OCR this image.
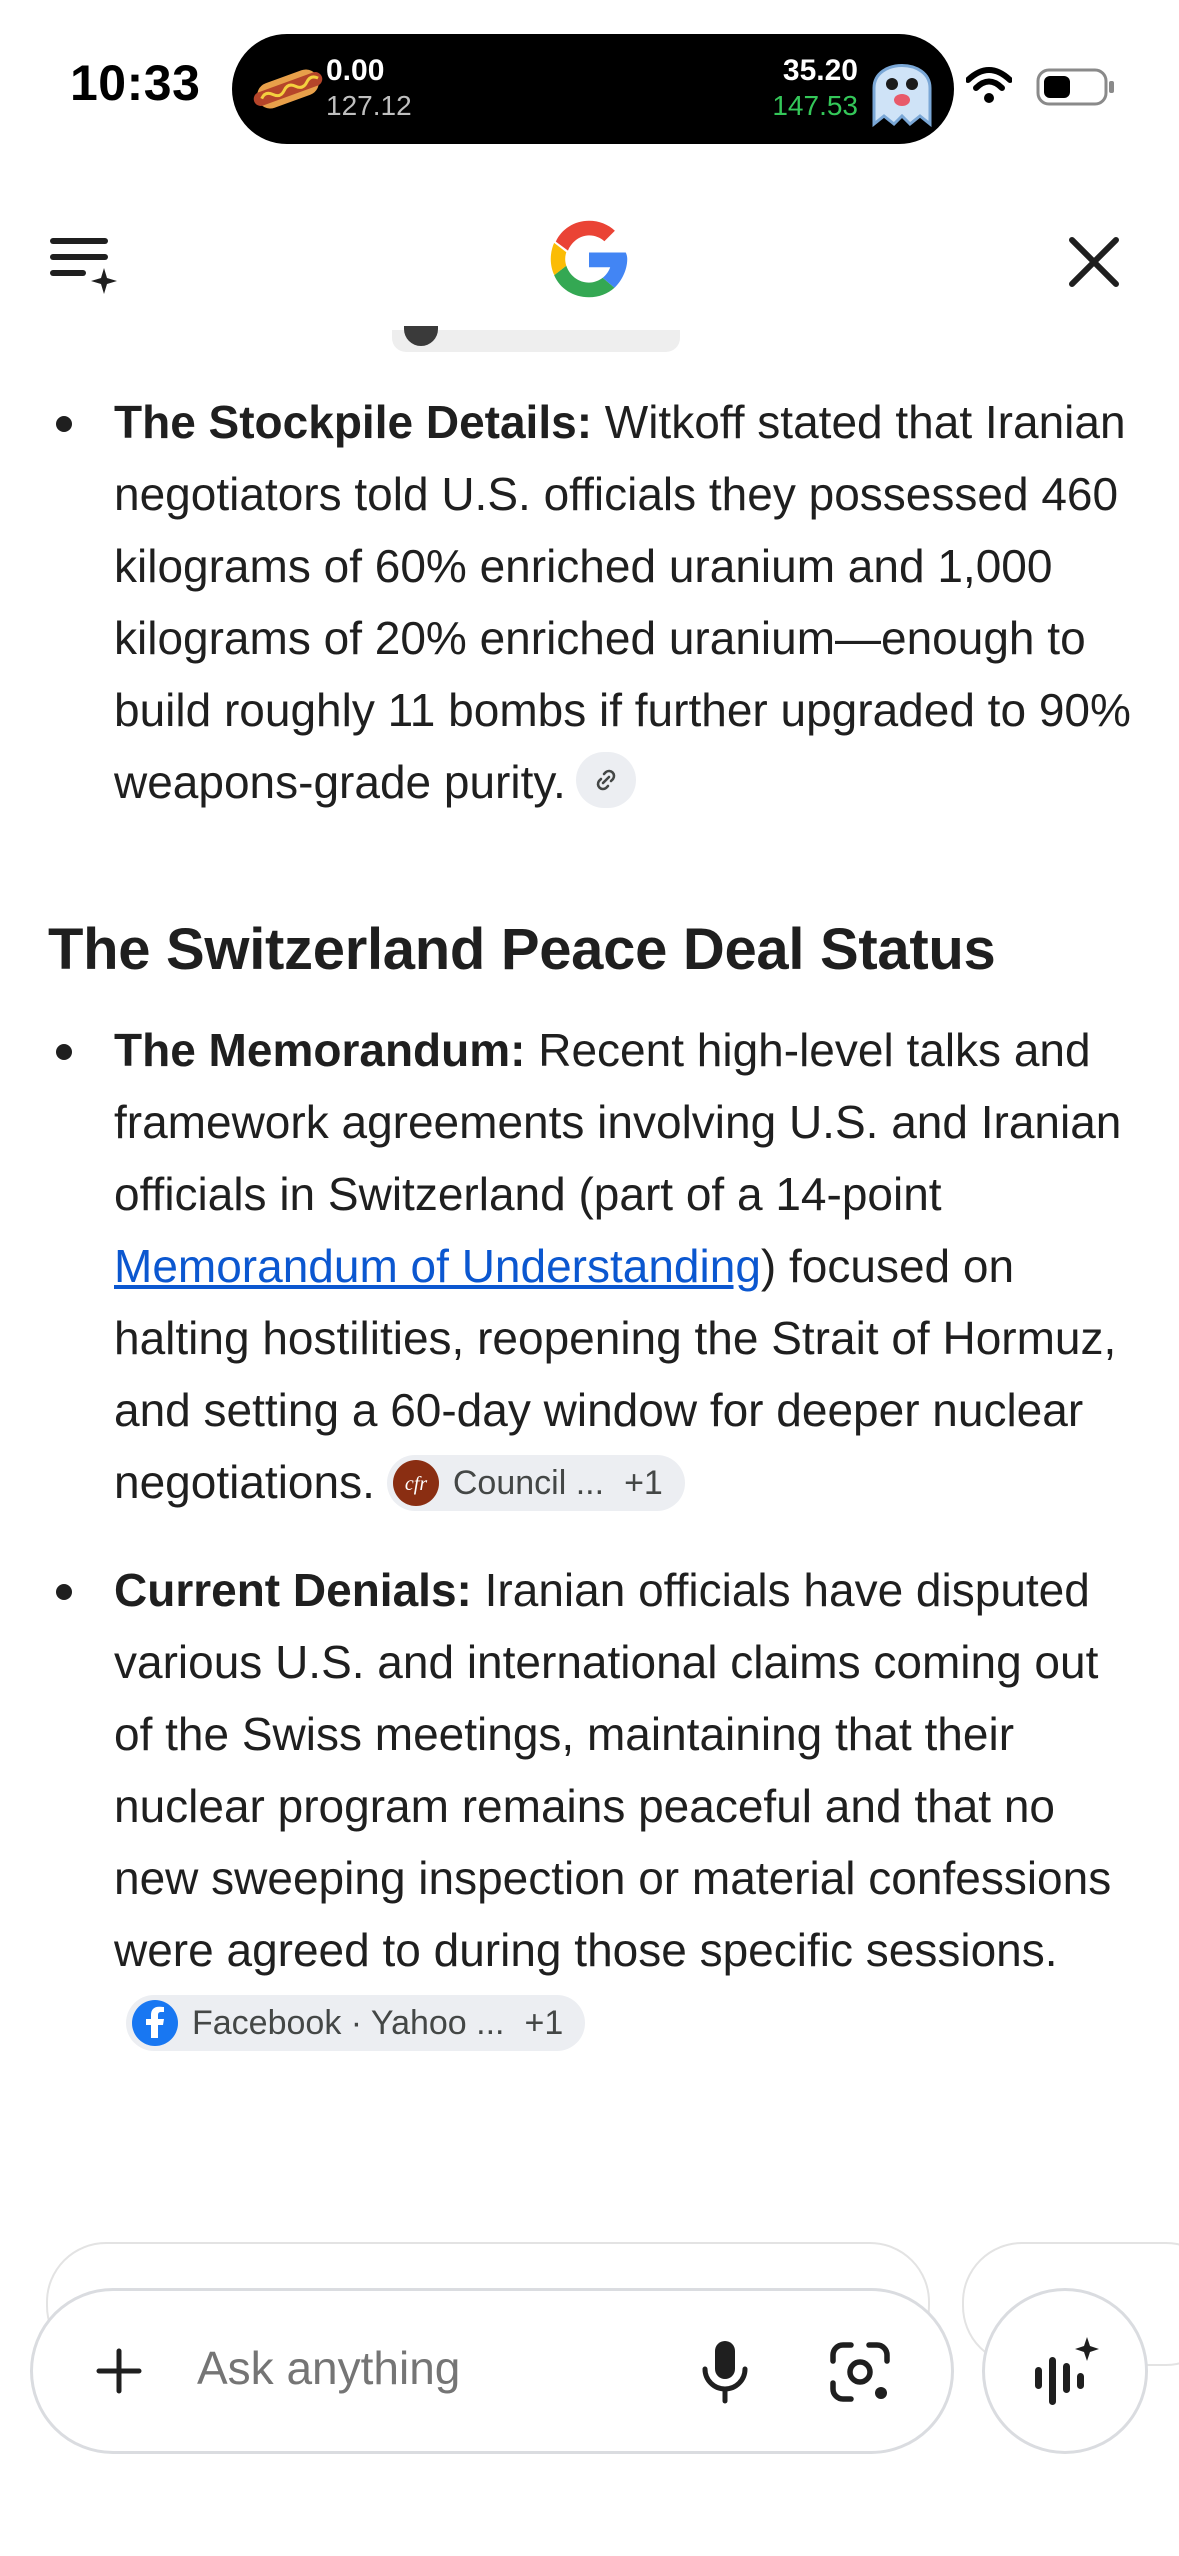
10:33	0.00
127.12
35.20
147.53

The Stockpile Details: Witkoff stated that Iranian negotiators told U.S. officials they possessed 460 kilograms of 60% enriched uranium and 1,000 kilograms of 20% enriched uranium—enough to build roughly 11 bombs if further upgraded to 90% weapons-grade purity.

The Switzerland Peace Deal Status

The Memorandum: Recent high-level talks and framework agreements involving U.S. and Iranian officials in Switzerland (part of a 14-point Memorandum of Understanding) focused on halting hostilities, reopening the Strait of Hormuz, and setting a 60-day window for deeper nuclear negotiations. cfr Council ... +1

Current Denials: Iranian officials have disputed various U.S. and international claims coming out of the Swiss meetings, maintaining that their nuclear program remains peaceful and that no new sweeping inspection or material confessions were agreed to during those specific sessions.
Facebook · Yahoo ... +1

Ask anything
